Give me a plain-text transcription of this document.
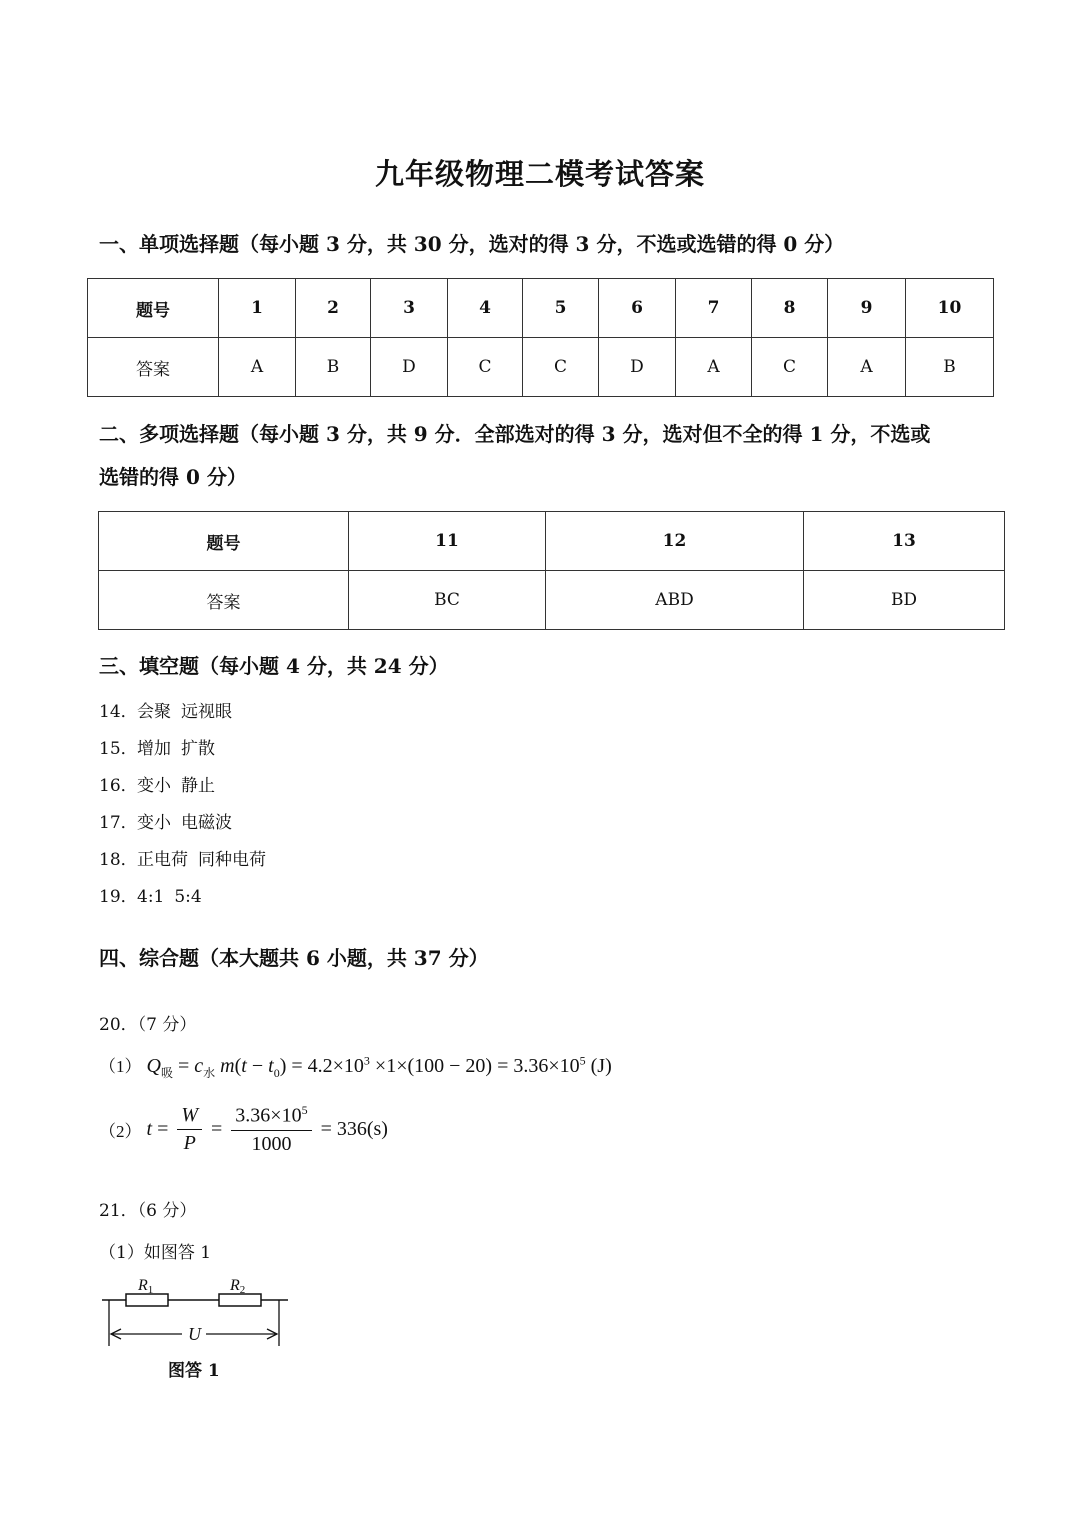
九年级物理二模考试答案
一、单项选择题（每小题 3 分，共 30 分，选对的得 3 分，不选或选错的得 0 分）
题号	1	2	3	4	5	6	7	8	9	10
答案	A	B	D	C	C	D	A	C	A	B
二、多项选择题（每小题 3 分，共 9 分．全部选对的得 3 分，选对但不全的得 1 分，不选或
选错的得 0 分）
题号	11	12	13
答案	BC	ABD	BD
三、填空题（每小题 4 分，共 24 分）
14．会聚 远视眼
15．增加 扩散
16．变小 静止
17．变小 电磁波
18．正电荷 同种电荷
19．4:1 5:4
四、综合题（本大题共 6 小题，共 37 分）
20．（7 分）
（1） $Q_吸 = c_水$ $m(t - t_0) = 4.2\times 10^3 \times 1\times(100 - 20) = 3.36\times 10^5$ (J)
（2） $t = \frac{W}{P} = \frac{3.36\times 10^5}{1000} = 336(s)$
21．（6 分）
（1）如图答 1
R1	R2
U
图答 1
